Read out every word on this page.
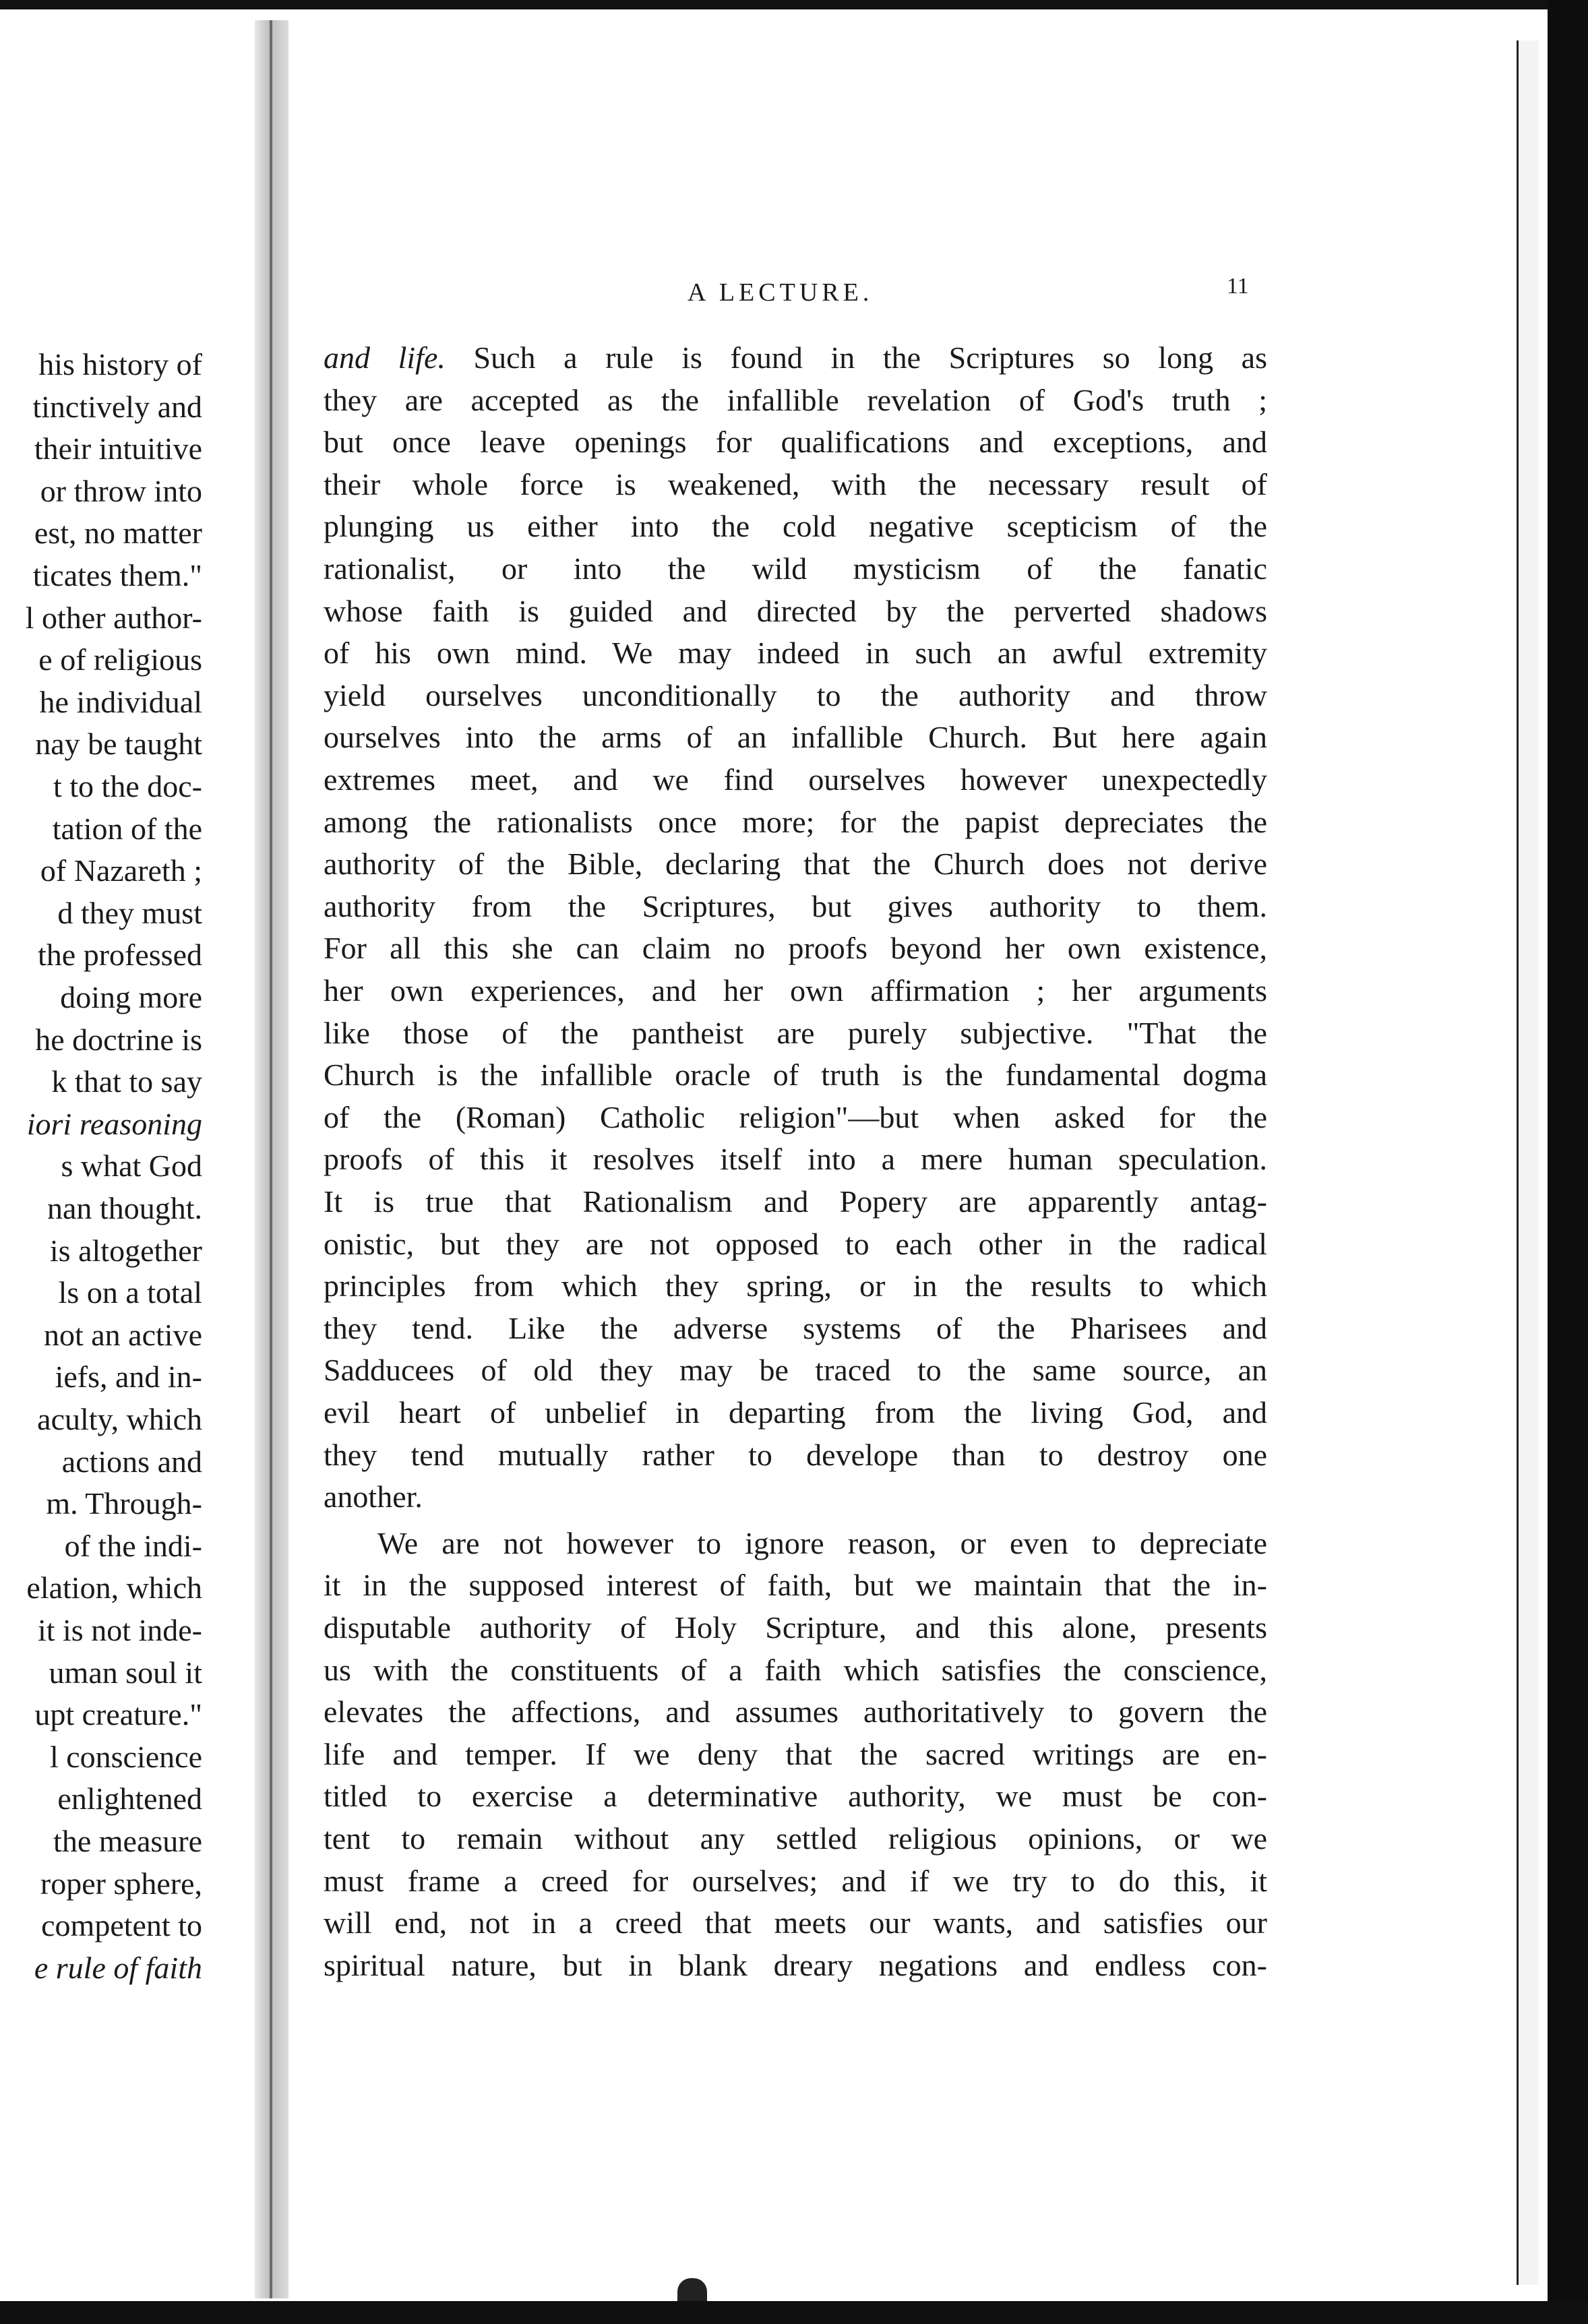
his history of
tinctively and
their intuitive
or throw into
est, no matter
ticates them."
l other author-
e of religious
he individual
nay be taught
t to the doc-
tation of the
of Nazareth ;
d they must
the professed
doing more
he doctrine is
k that to say
iori reasoning
s what God
nan thought.
is altogether
ls on a total
not an active
iefs, and in-
aculty, which
actions and
m. Through-
of the indi-
elation, which
it is not inde-
uman soul it
upt creature."
l conscience
enlightened
the measure
roper sphere,
competent to
e rule of faith
A LECTURE.	11
and life. Such a rule is found in the Scriptures so long as
they are accepted as the infallible revelation of God's truth ;
but once leave openings for qualifications and exceptions, and
their whole force is weakened, with the necessary result of
plunging us either into the cold negative scepticism of the
rationalist, or into the wild mysticism of the fanatic
whose faith is guided and directed by the perverted shadows
of his own mind. We may indeed in such an awful extremity
yield ourselves unconditionally to the authority and throw
ourselves into the arms of an infallible Church. But here again
extremes meet, and we find ourselves however unexpectedly
among the rationalists once more; for the papist depreciates the
authority of the Bible, declaring that the Church does not derive
authority from the Scriptures, but gives authority to them.
For all this she can claim no proofs beyond her own existence,
her own experiences, and her own affirmation ; her arguments
like those of the pantheist are purely subjective. "That the
Church is the infallible oracle of truth is the fundamental dogma
of the (Roman) Catholic religion"—but when asked for the
proofs of this it resolves itself into a mere human speculation.
It is true that Rationalism and Popery are apparently antag-
onistic, but they are not opposed to each other in the radical
principles from which they spring, or in the results to which
they tend. Like the adverse systems of the Pharisees and
Sadducees of old they may be traced to the same source, an
evil heart of unbelief in departing from the living God, and
they tend mutually rather to develope than to destroy one
another.
We are not however to ignore reason, or even to depreciate
it in the supposed interest of faith, but we maintain that the in-
disputable authority of Holy Scripture, and this alone, presents
us with the constituents of a faith which satisfies the conscience,
elevates the affections, and assumes authoritatively to govern the
life and temper. If we deny that the sacred writings are en-
titled to exercise a determinative authority, we must be con-
tent to remain without any settled religious opinions, or we
must frame a creed for ourselves; and if we try to do this, it
will end, not in a creed that meets our wants, and satisfies our
spiritual nature, but in blank dreary negations and endless con-
